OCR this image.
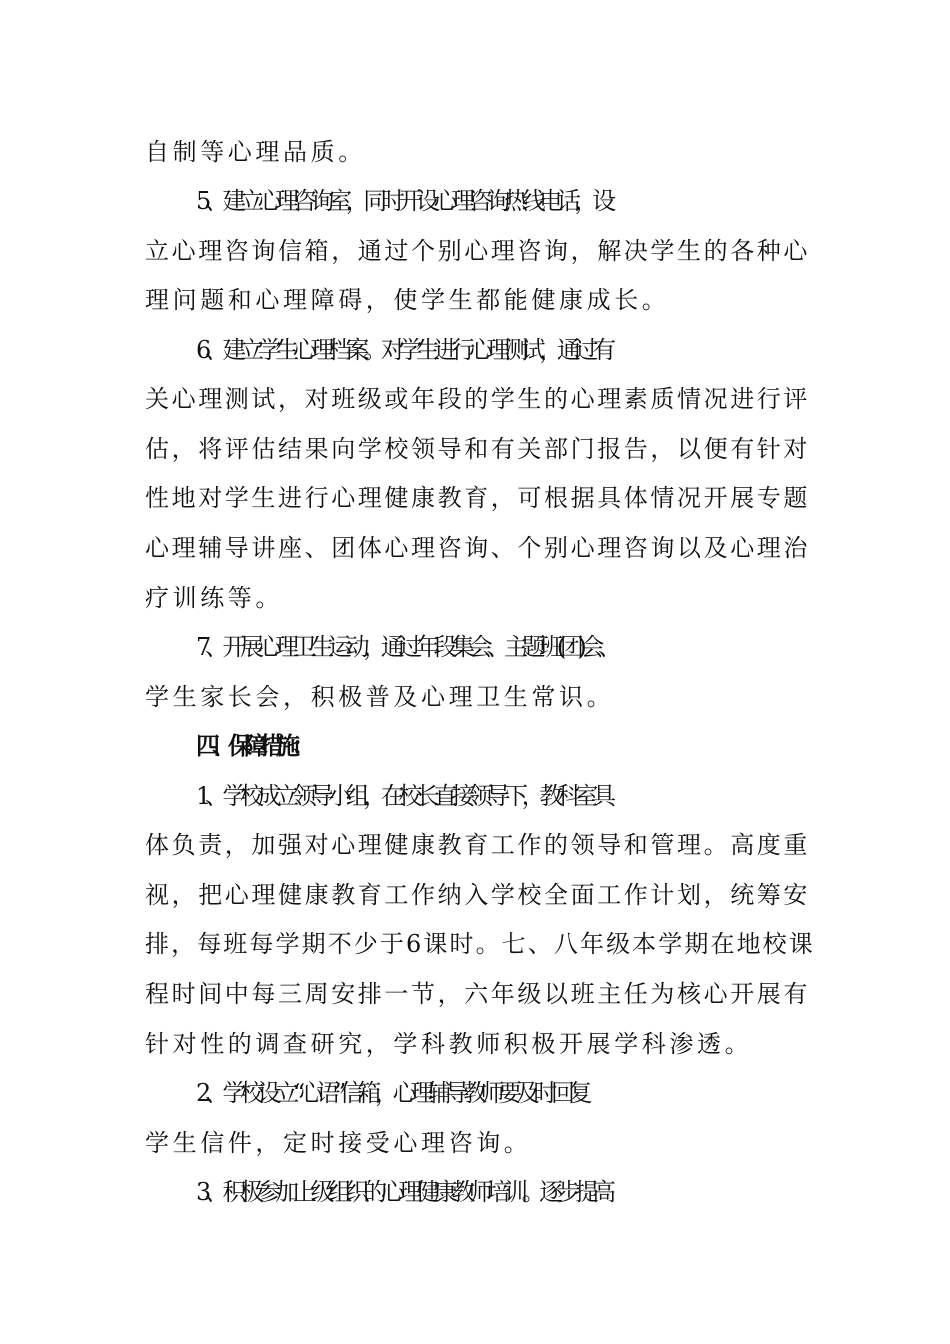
自制等心理品质。
5、建立心理咨询室，同时开设心理咨询热线电话，设
立心理咨询信箱，通过个别心理咨询，解决学生的各种心
理问题和心理障碍，使学生都能健康成长。
6、建立学生心理档案。对学生进行心理测试，通过有
关心理测试，对班级或年段的学生的心理素质情况进行评
估，将评估结果向学校领导和有关部门报告，以便有针对
性地对学生进行心理健康教育，可根据具体情况开展专题
心理辅导讲座、团体心理咨询、个别心理咨询以及心理治
疗训练等。
7、开展心理卫生运动，通过年段集会、主题班(团)会、
学生家长会，积极普及心理卫生常识。
四、保障措施：
1、学校成立领导小组，在校长直接领导下，教科室具
体负责，加强对心理健康教育工作的领导和管理。高度重
视，把心理健康教育工作纳入学校全面工作计划，统筹安
排，每班每学期不少于6课时。七、八年级本学期在地校课
程时间中每三周安排一节，六年级以班主任为核心开展有
针对性的调查研究，学科教师积极开展学科渗透。
2、学校设立“心语”信箱，心理辅导教师要及时回复
学生信件，定时接受心理咨询。
3、积极参加上级组织的心理健康教师培训。逐步提高
